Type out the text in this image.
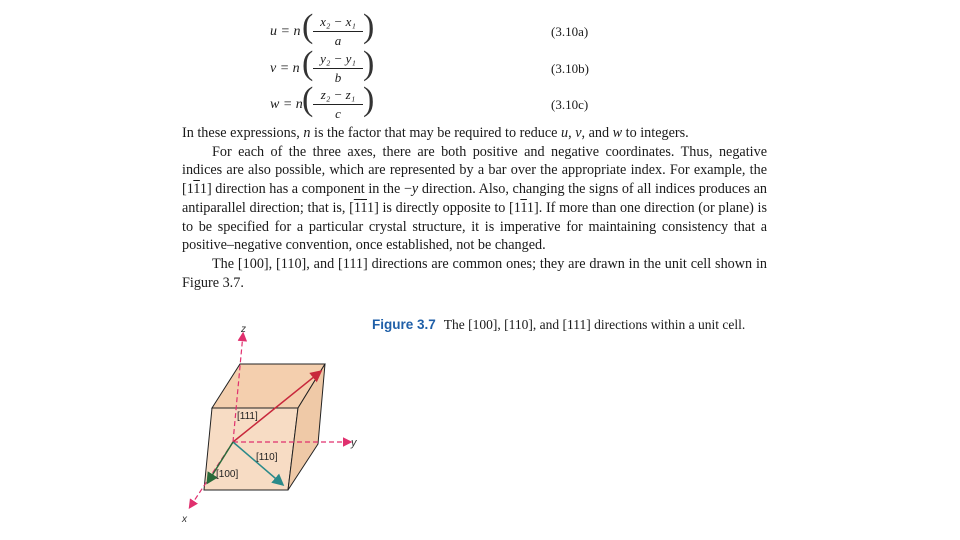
u = n ( x₂ − x₁
a )	(3.10a)
v = n ( y₂ − y₁
b )	(3.10b)
w = n ( z₂ − z₁
c )	(3.10c)

In these expressions, n is the factor that may be required to reduce u, v, and w to integers.

For each of the three axes, there are both positive and negative coordinates. Thus, negative indices are also possible, which are represented by a bar over the appropriate index. For example, the [111] direction has a component in the −y direction. Also, changing the signs of all indices produces an antiparallel direction; that is, [111] is directly opposite to [111]. If more than one direction (or plane) is to be specified for a particular crystal structure, it is imperative for maintaining consistency that a positive–negative convention, once established, not be changed.

The [100], [110], and [111] directions are common ones; they are drawn in the unit cell shown in Figure 3.7.

Figure 3.7 The [100], [110], and [111] directions within a unit cell.
z
y
x
[111]
[110]
[100]
